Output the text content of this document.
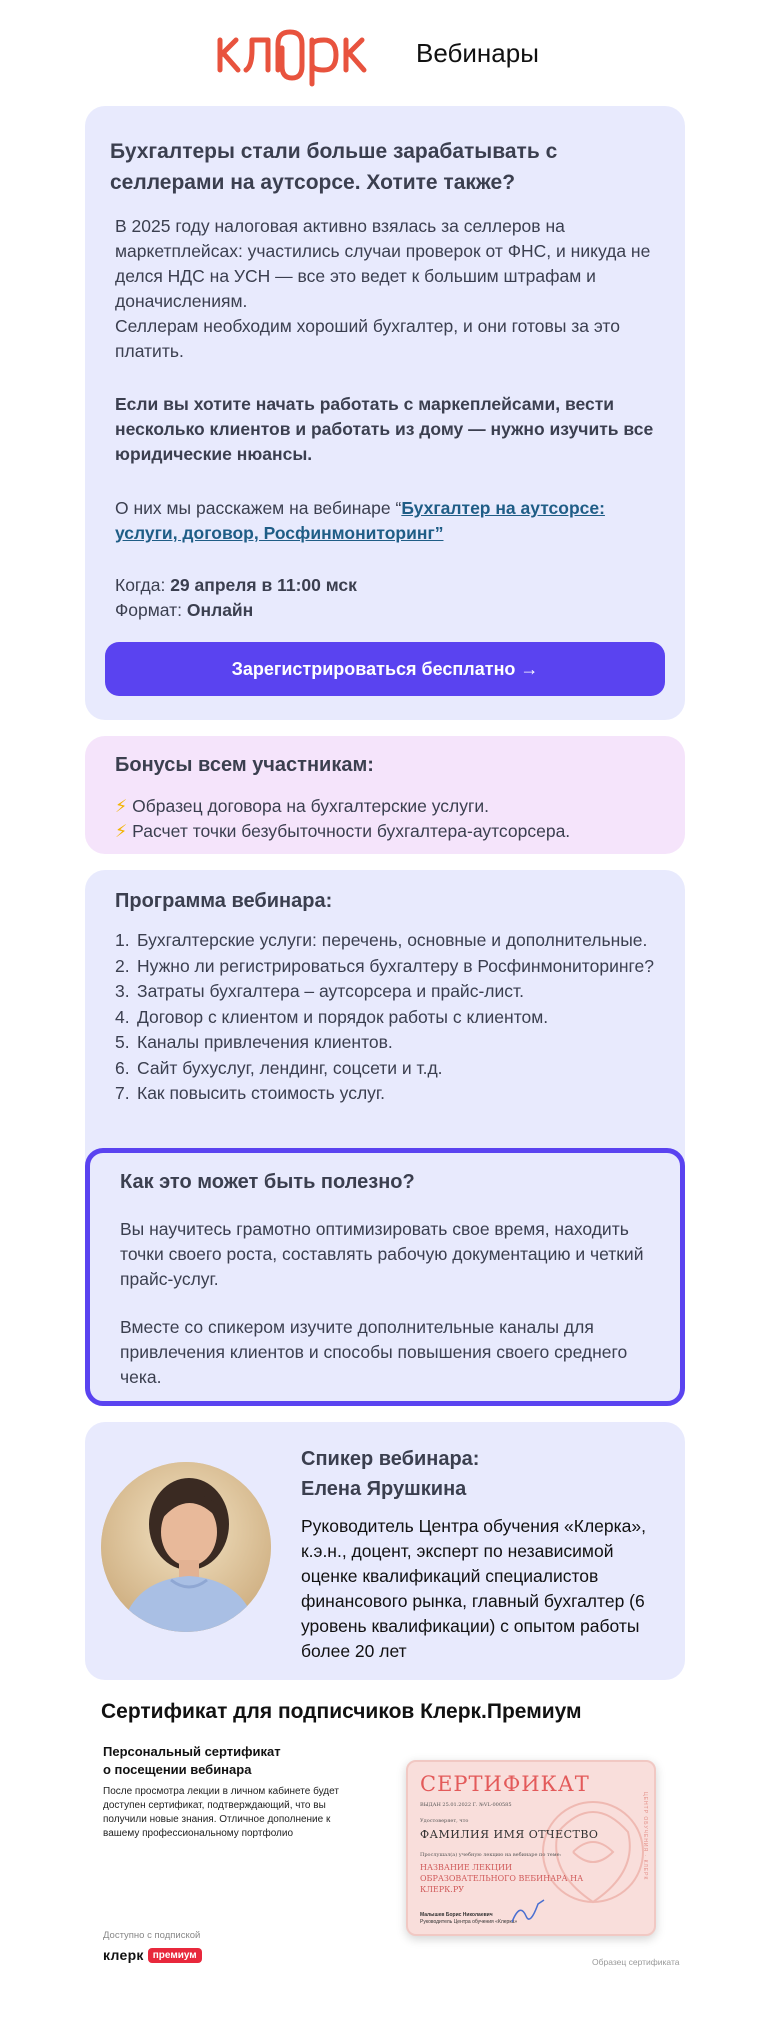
Вебинары
Бухгалтеры стали больше зарабатывать с селлерами на аутсорсе. Хотите также?
В 2025 году налоговая активно взялась за селлеров на маркетплейсах: участились случаи проверок от ФНС, и никуда не делся НДС на УСН — все это ведет к большим штрафам и доначислениям.
Селлерам необходим хороший бухгалтер, и они готовы за это платить.
Если вы хотите начать работать с маркеплейсами, вести несколько клиентов и работать из дому — нужно изучить все юридические нюансы.
О них мы расскажем на вебинаре “Бухгалтер на аутсорсе: услуги, договор, Росфинмониторинг”
Когда: 29 апреля в 11:00 мск
Формат: Онлайн
Зарегистрироваться бесплатно →
Бонусы всем участникам:
⚡ Образец договора на бухгалтерские услуги.
⚡ Расчет точки безубыточности бухгалтера-аутсорсера.
Программа вебинара:
1. Бухгалтерские услуги: перечень, основные и дополнительные.
2. Нужно ли регистрироваться бухгалтеру в Росфинмониторинге?
3. Затраты бухгалтера – аутсорсера и прайс-лист.
4. Договор с клиентом и порядок работы с клиентом.
5. Каналы привлечения клиентов.
6. Сайт бухуслуг, лендинг, соцсети и т.д.
7. Как повысить стоимость услуг.
Как это может быть полезно?
Вы научитесь грамотно оптимизировать свое время, находить точки своего роста, составлять рабочую документацию и четкий прайс-услуг.
Вместе со спикером изучите дополнительные каналы для привлечения клиентов и способы повышения своего среднего чека.
Спикер вебинара:
Елена Ярушкина
Руководитель Центра обучения «Клерка», к.э.н., доцент, эксперт по независимой оценке квалификаций специалистов финансового рынка, главный бухгалтер (6 уровень квалификации) с опытом работы более 20 лет
Сертификат для подписчиков Клерк.Премиум
Персональный сертификат
о посещении вебинара
После просмотра лекции в личном кабинете будет доступен сертификат, подтверждающий, что вы получили новые знания. Отличное дополнение к вашему профессиональному портфолио
Доступно с подпиской
клерк премиум
СЕРТИФИКАТ
ВЫДАН 25.01.2022 Г. №VL-000585
Удостоверяет, что
ФАМИЛИЯ ИМЯ ОТЧЕСТВО
Прослушал(а) учебную лекцию на вебинаре по теме:
НАЗВАНИЕ ЛЕКЦИИ ОБРАЗОВАТЕЛЬНОГО ВЕБИНАРА НА КЛЕРК.РУ
Малышев Борис Николаевич
Руководитель Центра обучения «Клерка»
ЦЕНТР ОБУЧЕНИЯ · КЛЕРК
Образец сертификата
